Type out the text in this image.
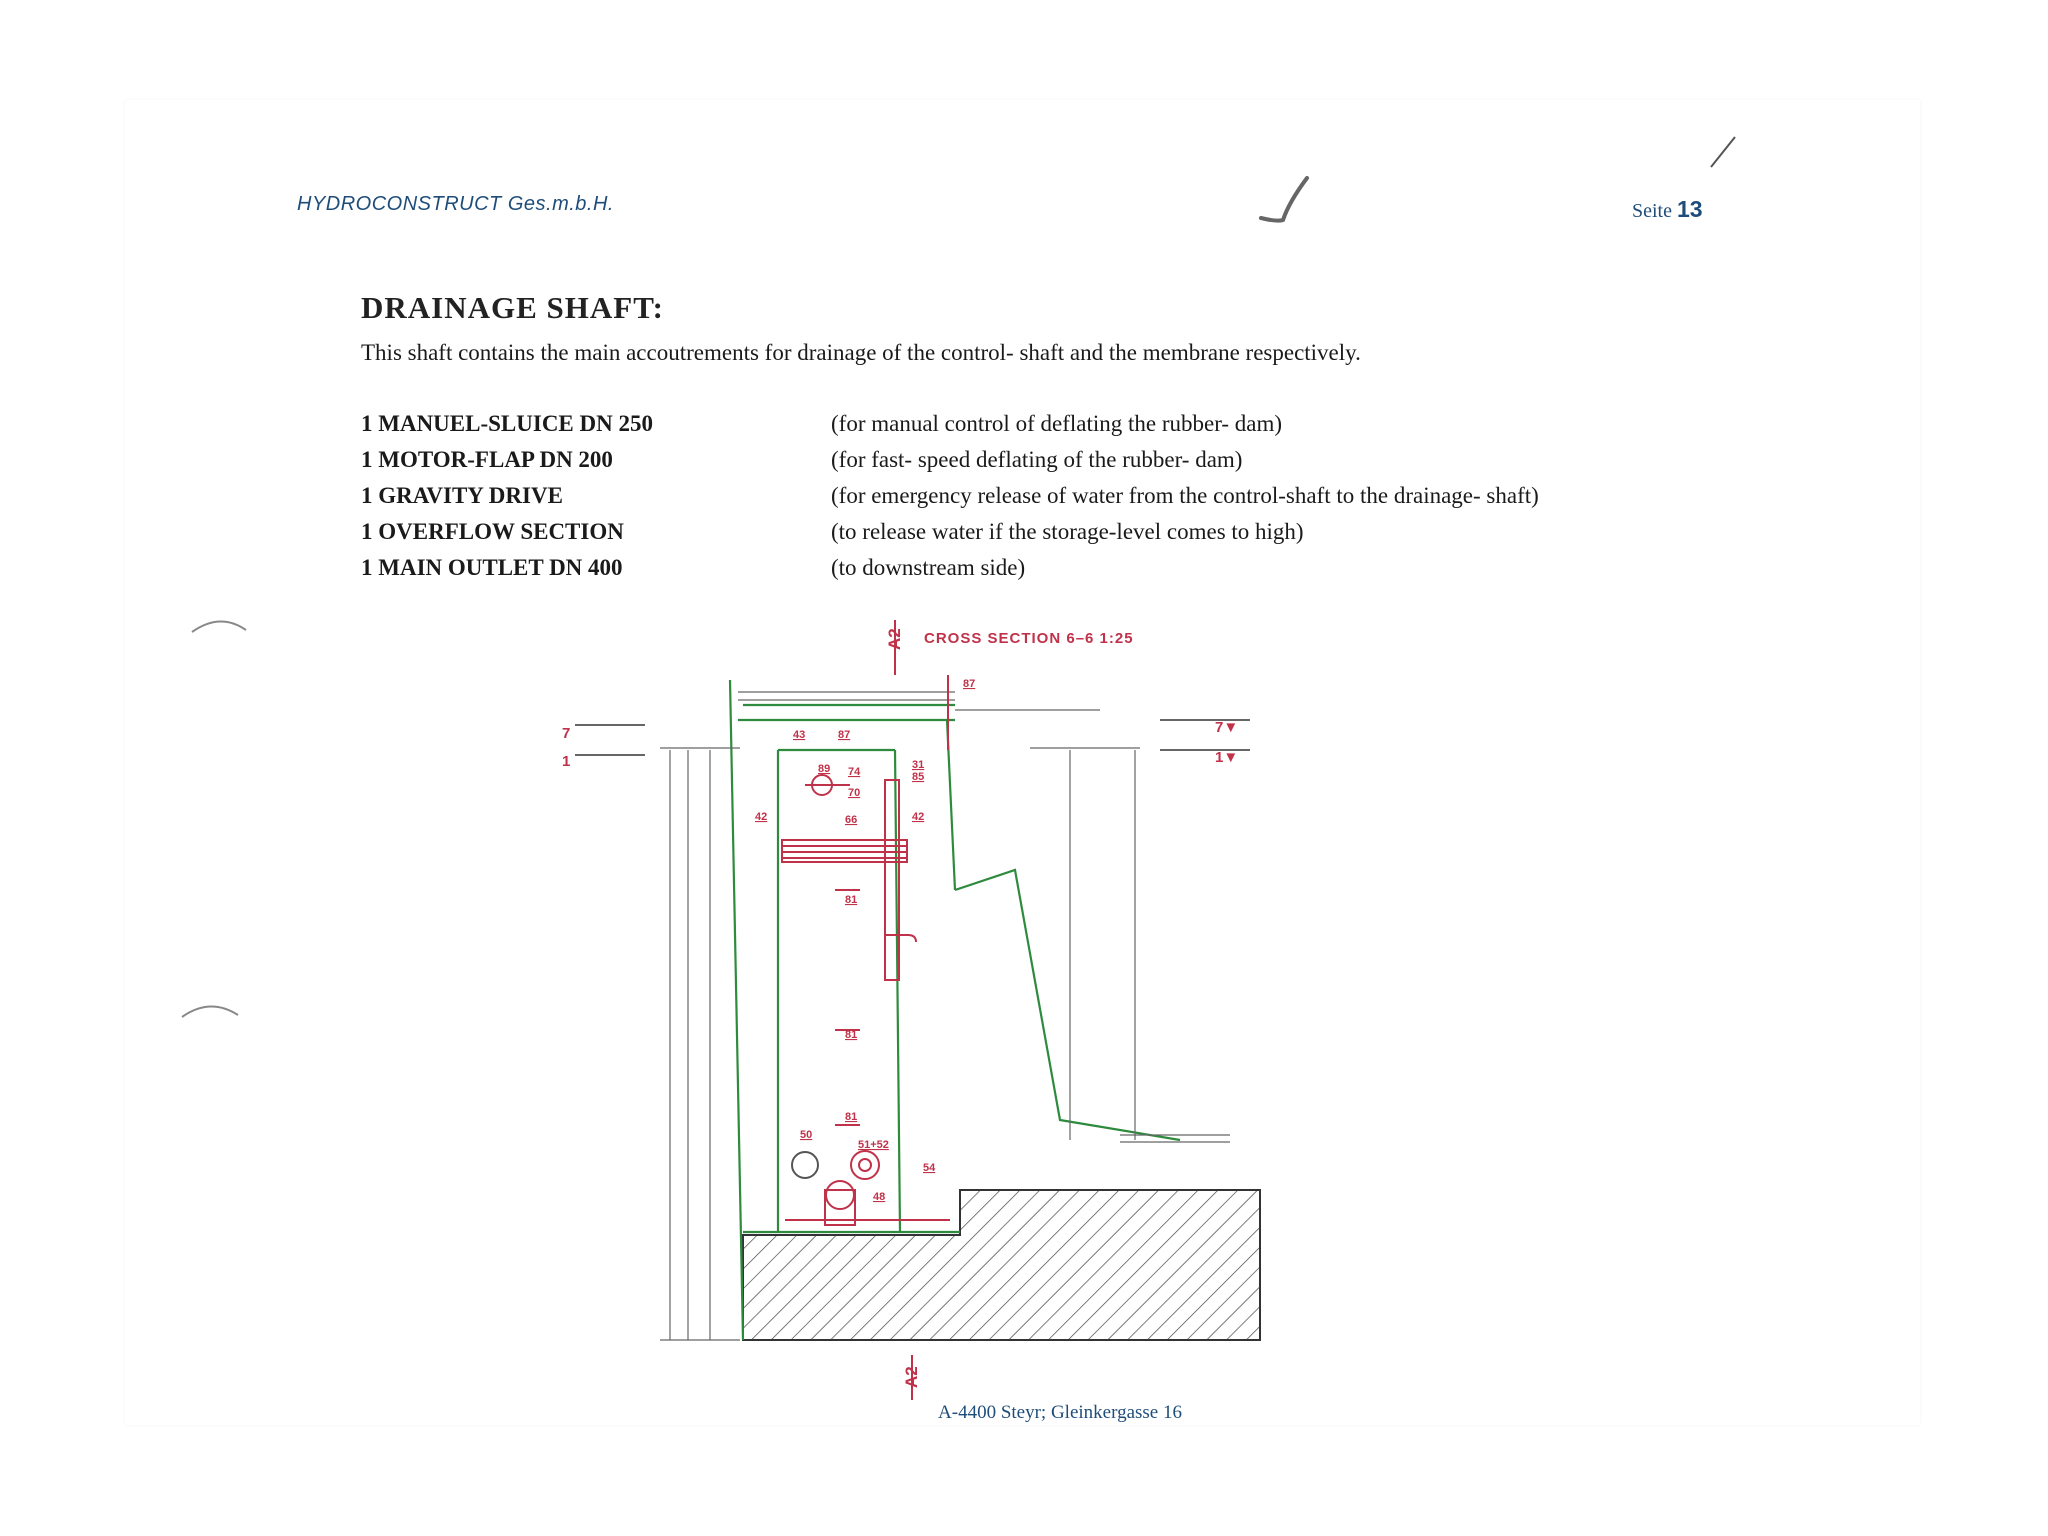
HYDROCONSTRUCT Ges.m.b.H.	Seite 13
DRAINAGE SHAFT:
This shaft contains the main accoutrements for drainage of the control- shaft and the membrane respectively.
1 MANUEL-SLUICE DN 250	(for manual control of deflating the rubber- dam)
1 MOTOR-FLAP DN 200	(for fast- speed deflating of the rubber- dam)
1 GRAVITY DRIVE	(for emergency release of water from the control-shaft to the drainage- shaft)
1 OVERFLOW SECTION	(to release water if the storage-level comes to high)
1 MAIN OUTLET DN 400	(to downstream side)
A2 CROSS SECTION 6–6 1:25
7
1
7▼
1▼
87
43	87
89 74
31
85
70
42	66	42
81
81
81
50
51+52
54
48
A2
A-4400 Steyr; Gleinkergasse 16
